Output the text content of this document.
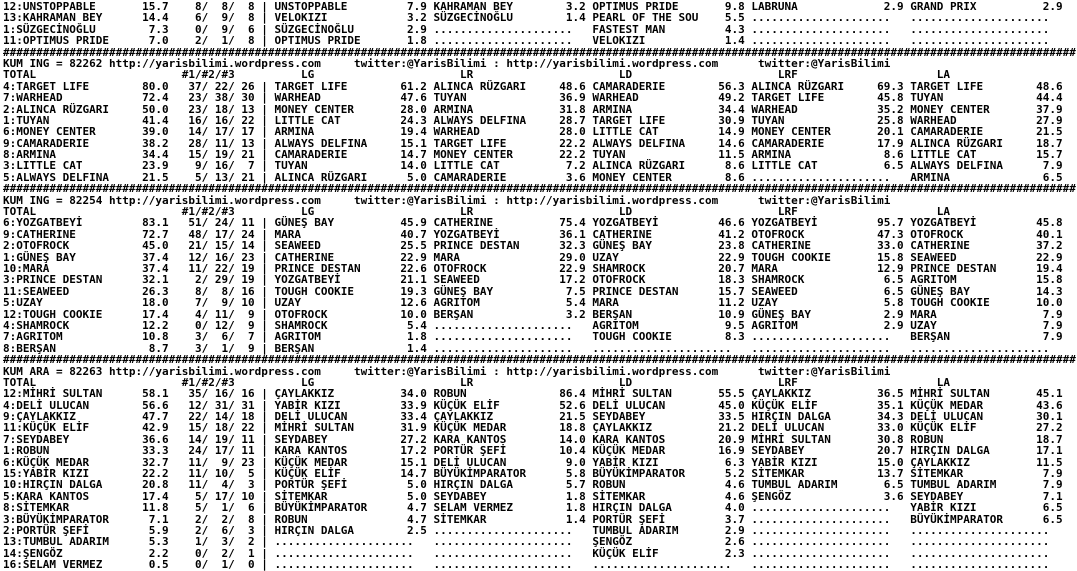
12:UNSTOPPABLE       15.7    8/  8/  8 | UNSTOPPABLE         7.9 KAHRAMAN BEY        3.2 OPTIMUS PRIDE       9.8 LABRUNA             2.9 GRAND PRIX          2.9
13:KAHRAMAN BEY      14.4    6/  9/  8 | VELOKIZI            3.2 SÜZGECİNOĞLU        1.4 PEARL OF THE SOU    5.5 .....................   .....................
1:SÜZGECİNOĞLU        7.3    0/  9/  6 | SÜZGECİNOĞLU        2.9 .....................   FASTEST MAN         4.3 .....................   .....................
11:OPTIMUS PRIDE      7.0    2/  1/  8 | OPTIMUS PRIDE       1.8 .....................   VELOKIZI            1.4 .....................   .....................
##################################################################################################################################################################
KUM ING = 82262 http://yarisbilimi.wordpress.com     twitter:@YarisBilimi : http://yarisbilimi.wordpress.com      twitter:@YarisBilimi
TOTAL                      #1/#2/#3          LG                      LR                      LD                      LRF                     LA
4:TARGET LIFE        80.0   37/ 22/ 26 | TARGET LIFE        61.2 ALINCA RÜZGARI     48.6 CAMARADERIE        56.3 ALINCA RÜZGARI     69.3 TARGET LIFE        48.6
7:WARHEAD            72.4   23/ 38/ 30 | WARHEAD            47.6 TUYAN              36.9 WARHEAD            49.2 TARGET LIFE        45.8 TUYAN              44.4
2:ALINCA RÜZGARI     50.0   23/ 18/ 13 | MONEY CENTER       28.0 ARMINA             31.8 ARMINA             34.4 WARHEAD            35.2 MONEY CENTER       37.9
1:TUYAN              41.4   16/ 16/ 22 | LITTLE CAT         24.3 ALWAYS DELFINA     28.7 TARGET LIFE        30.9 TUYAN              25.8 WARHEAD            27.9
6:MONEY CENTER       39.0   14/ 17/ 17 | ARMINA             19.4 WARHEAD            28.0 LITTLE CAT         14.9 MONEY CENTER       20.1 CAMARADERIE        21.5
9:CAMARADERIE        38.2   28/ 11/ 13 | ALWAYS DELFINA     15.1 TARGET LIFE        22.2 ALWAYS DELFINA     14.6 CAMARADERIE        17.9 ALINCA RÜZGARI     18.7
8:ARMINA             34.4   15/ 19/ 21 | CAMARADERIE        14.7 MONEY CENTER       22.2 TUYAN              11.5 ARMINA              8.6 LITTLE CAT         15.7
3:LITTLE CAT         23.9    9/ 16/  7 | TUYAN              14.0 LITTLE CAT          7.2 ALINCA RÜZGARI      8.6 LITTLE CAT          6.5 ALWAYS DELFINA      7.9
5:ALWAYS DELFINA     21.5    5/ 13/ 21 | ALINCA RÜZGARI      5.0 CAMARADERIE         3.6 MONEY CENTER        8.6 .....................   ARMINA              6.5
##################################################################################################################################################################
KUM ING = 82254 http://yarisbilimi.wordpress.com     twitter:@YarisBilimi : http://yarisbilimi.wordpress.com      twitter:@YarisBilimi
TOTAL                      #1/#2/#3          LG                      LR                      LD                      LRF                     LA
6:YOZGATBEYİ         83.1   51/ 24/ 11 | GÜNEŞ BAY          45.9 CATHERINE          75.4 YOZGATBEYİ         46.6 YOZGATBEYİ         95.7 YOZGATBEYİ         45.8
9:CATHERINE          72.7   48/ 17/ 24 | MARA               40.7 YOZGATBEYİ         36.1 CATHERINE          41.2 OTOFROCK           47.3 OTOFROCK           40.1
2:OTOFROCK           45.0   21/ 15/ 14 | SEAWEED            25.5 PRINCE DESTAN      32.3 GÜNEŞ BAY          23.8 CATHERINE          33.0 CATHERINE          37.2
1:GÜNEŞ BAY          37.4   12/ 16/ 23 | CATHERINE          22.9 MARA               29.0 UZAY               22.9 TOUGH COOKIE       15.8 SEAWEED            22.9
10:MARA              37.4   11/ 22/ 19 | PRINCE DESTAN      22.6 OTOFROCK           22.9 SHAMROCK           20.7 MARA               12.9 PRINCE DESTAN      19.4
3:PRINCE DESTAN      32.1    2/ 29/ 19 | YOZGATBEYİ         21.1 SEAWEED            17.2 OTOFROCK           18.3 SHAMROCK            6.5 AGRITOM            15.8
11:SEAWEED           26.3    8/  8/ 16 | TOUGH COOKIE       19.3 GÜNEŞ BAY           7.5 PRINCE DESTAN      15.7 SEAWEED             6.5 GÜNEŞ BAY          14.3
5:UZAY               18.0    7/  9/ 10 | UZAY               12.6 AGRITOM             5.4 MARA               11.2 UZAY                5.8 TOUGH COOKIE       10.0
12:TOUGH COOKIE      17.4    4/ 11/  9 | OTOFROCK           10.0 BERŞAN              3.2 BERŞAN             10.9 GÜNEŞ BAY           2.9 MARA                7.9
4:SHAMROCK           12.2    0/ 12/  9 | SHAMROCK            5.4 .....................   AGRITOM             9.5 AGRITOM             2.9 UZAY                7.9
7:AGRITOM            10.8    3/  6/  7 | AGRITOM             1.8 .....................   TOUGH COOKIE        8.3 .....................   BERŞAN              7.9
8:BERŞAN              8.7    3/  1/  9 | BERŞAN              1.4 .....................   .....................   .....................   .....................
##################################################################################################################################################################
KUM ARA = 82263 http://yarisbilimi.wordpress.com     twitter:@YarisBilimi : http://yarisbilimi.wordpress.com      twitter:@YarisBilimi
TOTAL                      #1/#2/#3          LG                      LR                      LD                      LRF                     LA
12:MİHRİ SULTAN      58.1   35/ 16/ 16 | ÇAYLAKKIZ          34.0 ROBUN              86.4 MİHRİ SULTAN       55.5 ÇAYLAKKIZ          36.5 MİHRİ SULTAN       45.1
4:DELİ ULUCAN        56.6   12/ 31/ 31 | YABİR KIZI         33.9 KÜÇÜK ELİF         52.6 DELİ ULUCAN        45.0 KÜÇÜK ELİF         35.1 KÜÇÜK MEDAR        43.6
9:ÇAYLAKKIZ          47.7   22/ 14/ 18 | DELİ ULUCAN        33.4 ÇAYLAKKIZ          21.5 SEYDABEY           33.5 HIRÇIN DALGA       34.3 DELİ ULUCAN        30.1
11:KÜÇÜK ELİF        42.9   15/ 18/ 22 | MİHRİ SULTAN       31.9 KÜÇÜK MEDAR        18.8 ÇAYLAKKIZ          21.2 DELİ ULUCAN        33.0 KÜÇÜK ELİF         27.2
7:SEYDABEY           36.6   14/ 19/ 11 | SEYDABEY           27.2 KARA KANTOS        14.0 KARA KANTOS        20.9 MİHRİ SULTAN       30.8 ROBUN              18.7
1:ROBUN              33.3   24/ 17/ 11 | KARA KANTOS        17.2 PORTÜR ŞEFİ        10.4 KÜÇÜK MEDAR        16.9 SEYDABEY           20.7 HIRÇIN DALGA       17.1
6:KÜÇÜK MEDAR        32.7   11/  9/ 23 | KÜÇÜK MEDAR        15.1 DELİ ULUCAN         9.0 YABİR KIZI          6.3 YABİR KIZI         15.0 ÇAYLAKKIZ          11.5
15:YABİR KIZI        22.2   11/ 10/  5 | KÜÇÜK ELİF         14.7 BÜYÜKİMPARATOR      5.8 BÜYÜKİMPARATOR      5.2 SİTEMKAR           13.7 SİTEMKAR            7.9
10:HIRÇIN DALGA      20.8   11/  4/  3 | PORTÜR ŞEFİ         5.0 HIRÇIN DALGA        5.7 ROBUN               4.6 TUMBUL ADARIM       6.5 TUMBUL ADARIM       7.9
5:KARA KANTOS        17.4    5/ 17/ 10 | SİTEMKAR            5.0 SEYDABEY            1.8 SİTEMKAR            4.6 ŞENGÖZ              3.6 SEYDABEY            7.1
8:SİTEMKAR           11.8    5/  1/  6 | BÜYÜKİMPARATOR      4.7 SELAM VERMEZ        1.8 HIRÇIN DALGA        4.0 .....................   YABİR KIZI          6.5
3:BÜYÜKİMPARATOR      7.1    2/  2/  8 | ROBUN               4.7 SİTEMKAR            1.4 PORTÜR ŞEFİ         3.7 .....................   BÜYÜKİMPARATOR      6.5
2:PORTÜR ŞEFİ         5.9    2/  6/  3 | HIRÇIN DALGA        2.5 .....................   TUMBUL ADARIM       2.9 .....................   .....................
13:TUMBUL ADARIM      5.3    1/  3/  2 | .....................   .....................   ŞENGÖZ              2.6 .....................   .....................
14:ŞENGÖZ             2.2    0/  2/  1 | .....................   .....................   KÜÇÜK ELİF          2.3 .....................   .....................
16:SELAM VERMEZ       0.5    0/  1/  0 | .....................   .....................   .....................   .....................   .....................
